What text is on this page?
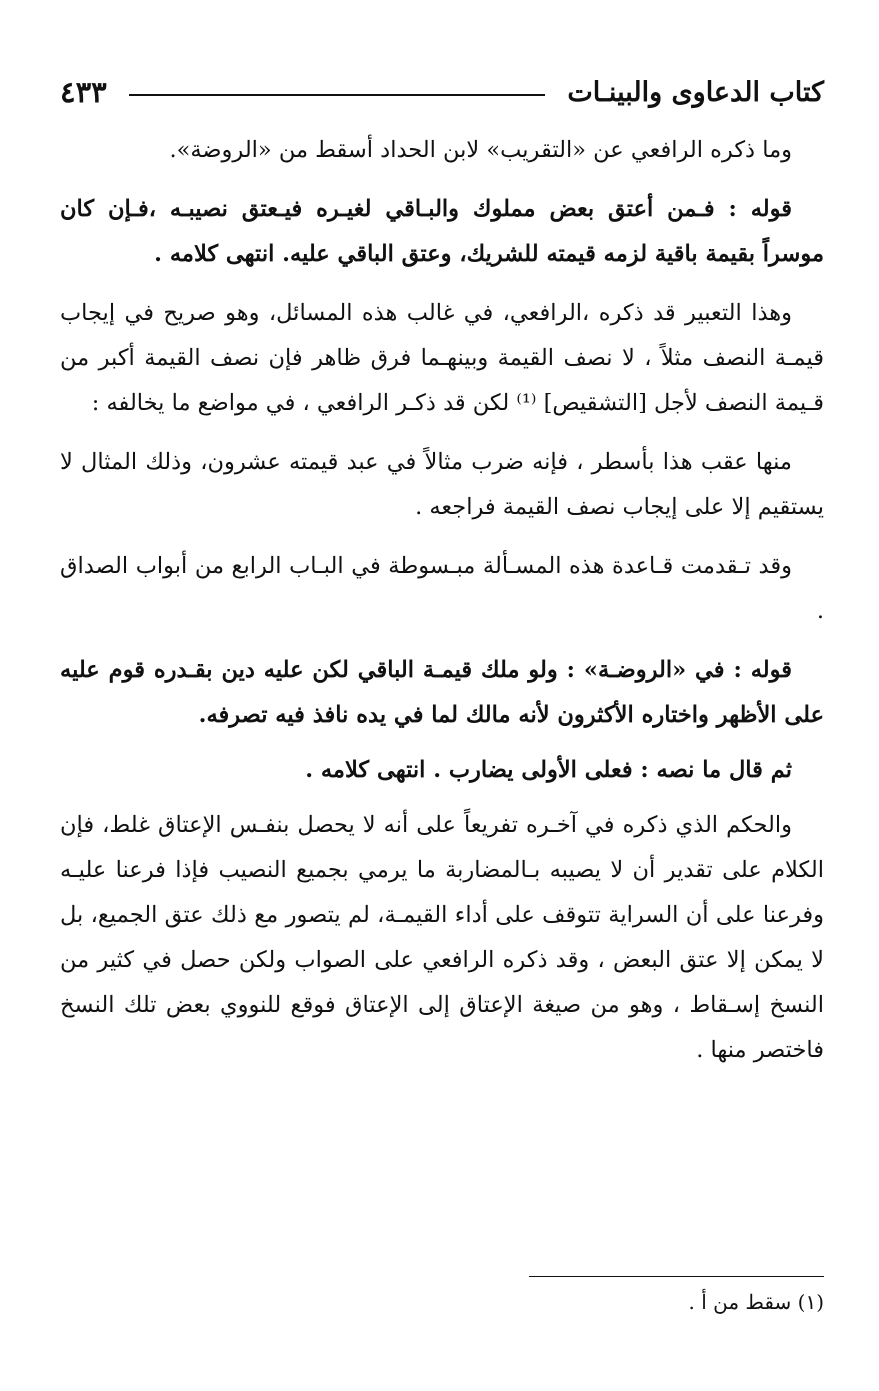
كتاب الدعاوى والبينـات
٤٣٣

وما ذكره الرافعي عن «التقريب» لابن الحداد أسقط من «الروضة».

قوله : فـمن أعتق بعض مملوك والبـاقي لغيـره فيـعتق نصيبـه ،فـإن كان موسراً بقيمة باقية لزمه قيمته للشريك، وعتق الباقي عليه. انتهى كلامه .

وهذا التعبير قد ذكره ،الرافعي، في غالب هذه المسائل، وهو صريح في إيجاب قيمـة النصف مثلاً ، لا نصف القيمة وبينهـما فرق ظاهر فإن نصف القيمة أكبر من قـيمة النصف لأجل [التشقيص] ⁽¹⁾ لكن قد ذكـر الرافعي ، في مواضع ما يخالفه :

منها عقب هذا بأسطر ، فإنه ضرب مثالاً في عبد قيمته عشرون، وذلك المثال لا يستقيم إلا على إيجاب نصف القيمة فراجعه .

وقد تـقدمت قـاعدة هذه المسـألة مبـسوطة في البـاب الرابع من أبواب الصداق .

قوله : في «الروضـة» : ولو ملك قيمـة الباقي لكن عليه دين بقـدره قوم عليه على الأظهر واختاره الأكثرون لأنه مالك لما في يده نافذ فيه تصرفه.

ثم قال ما نصه : فعلى الأولى يضارب . انتهى كلامه .

والحكم الذي ذكره في آخـره تفريعاً على أنه لا يحصل بنفـس الإعتاق غلط، فإن الكلام على تقدير أن لا يصيبه بـالمضاربة ما يرمي بجميع النصيب فإذا فرعنا عليـه وفرعنا على أن السراية تتوقف على أداء القيمـة، لم يتصور مع ذلك عتق الجميع، بل لا يمكن إلا عتق البعض ، وقد ذكره الرافعي على الصواب ولكن حصل في كثير من النسخ إسـقاط ، وهو من صيغة الإعتاق إلى الإعتاق فوقع للنووي بعض تلك النسخ فاختصر منها .

(١) سقط من أ .
